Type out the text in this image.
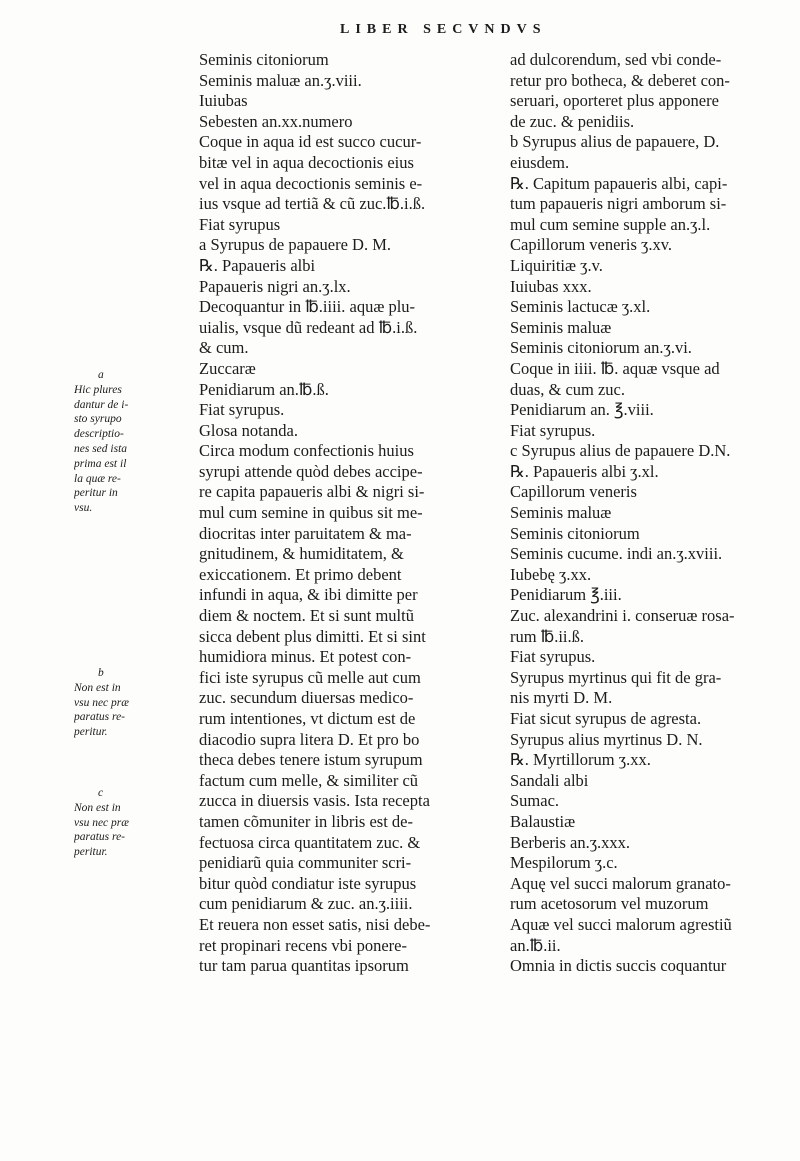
LIBER SECVNDVS
Seminis citoniorum
Seminis maluæ an.ʒ.viii.
Iuiubas
Sebesten an.xx.numero
Coque in aqua id est succo cucur-
bitæ vel in aqua decoctionis eius
vel in aqua decoctionis seminis e-
ius vsque ad tertiã & cũ zuc.℔.i.ß.
Fiat syrupus
a Syrupus de papauere D. M.
℞. Papaueris albi
Papaueris nigri an.ʒ.lx.
Decoquantur in ℔.iiii. aquæ plu-
uialis, vsque dũ redeant ad ℔.i.ß.
& cum.
Zuccaræ
Penidiarum an.℔.ß.
Fiat syrupus.
Glosa notanda.
Circa modum confectionis huius
syrupi attende quòd debes accipe-
re capita papaueris albi & nigri si-
mul cum semine in quibus sit me-
diocritas inter paruitatem & ma-
gnitudinem, & humiditatem, &
exiccationem. Et primo debent
infundi in aqua, & ibi dimitte per
diem & noctem. Et si sunt multũ
sicca debent plus dimitti. Et si sint
humidiora minus. Et potest con-
fici iste syrupus cũ melle aut cum
zuc. secundum diuersas medico-
rum intentiones, vt dictum est de
diacodio supra litera D. Et pro bo
theca debes tenere istum syrupum
factum cum melle, & similiter cũ
zucca in diuersis vasis. Ista recepta
tamen cõmuniter in libris est de-
fectuosa circa quantitatem zuc. &
penidiarũ quia communiter scri-
bitur quòd condiatur iste syrupus
cum penidiarum & zuc. an.ʒ.iiii.
Et reuera non esset satis, nisi debe-
ret propinari recens vbi ponere-
tur tam parua quantitas ipsorum
ad dulcorendum, sed vbi conde-
retur pro botheca, & deberet con-
seruari, oporteret plus apponere
de zuc. & penidiis.
b Syrupus alius de papauere, D.
eiusdem.
℞. Capitum papaueris albi, capi-
tum papaueris nigri amborum si-
mul cum semine supple an.ʒ.l.
Capillorum veneris ʒ.xv.
Liquiritiæ ʒ.v.
Iuiubas xxx.
Seminis lactucæ ʒ.xl.
Seminis maluæ
Seminis citoniorum an.ʒ.vi.
Coque in iiii. ℔. aquæ vsque ad
duas, & cum zuc.
Penidiarum an. ℥.viii.
Fiat syrupus.
c Syrupus alius de papauere D.N.
℞. Papaueris albi ʒ.xl.
Capillorum veneris
Seminis maluæ
Seminis citoniorum
Seminis cucume. indi an.ʒ.xviii.
Iubebę ʒ.xx.
Penidiarum ℥.iii.
Zuc. alexandrini i. conseruæ rosa-
rum ℔.ii.ß.
Fiat syrupus.
Syrupus myrtinus qui fit de gra-
nis myrti D. M.
Fiat sicut syrupus de agresta.
Syrupus alius myrtinus D. N.
℞. Myrtillorum ʒ.xx.
Sandali albi
Sumac.
Balaustiæ
Berberis an.ʒ.xxx.
Mespilorum ʒ.c.
Aquę vel succi malorum granato-
rum acetosorum vel muzorum
Aquæ vel succi malorum agrestiũ
an.℔.ii.
Omnia in dictis succis coquantur
a
Hic plures
dantur de i-
sto syrupo
descriptio-
nes sed ista
prima est il
la quæ re-
peritur in
vsu.
b
Non est in
vsu nec præ
paratus re-
peritur.
c
Non est in
vsu nec præ
paratus re-
peritur.
